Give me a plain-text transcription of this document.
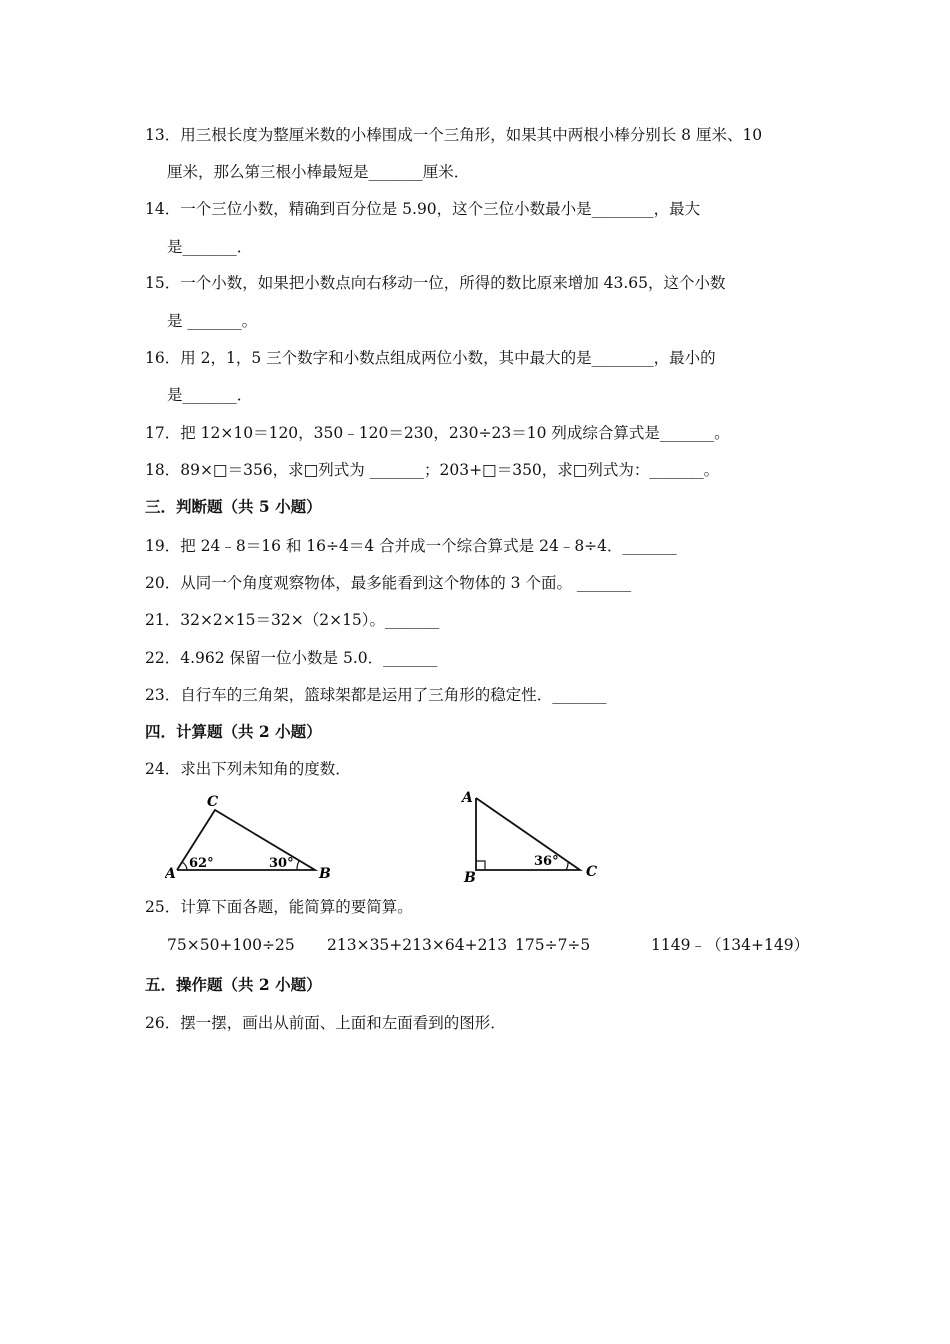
13．用三根长度为整厘米数的小棒围成一个三角形，如果其中两根小棒分别长 8 厘米、10
厘米，那么第三根小棒最短是_______厘米．
14．一个三位小数，精确到百分位是 5.90，这个三位小数最小是________，最大
是_______．
15．一个小数，如果把小数点向右移动一位，所得的数比原来增加 43.65，这个小数
是 _______。
16．用 2，1，5 三个数字和小数点组成两位小数，其中最大的是________，最小的
是_______．
17．把 12×10＝120，350﹣120＝230，230÷23＝10 列成综合算式是_______。
18．89×□＝356，求□列式为 _______；203+□＝350，求□列式为：_______。
三．判断题（共 5 小题）
19．把 24﹣8＝16 和 16÷4＝4 合并成一个综合算式是 24﹣8÷4．_______
20．从同一个角度观察物体，最多能看到这个物体的 3 个面。 _______
21．32×2×15＝32×（2×15）。_______
22．4.962 保留一位小数是 5.0．_______
23．自行车的三角架，篮球架都是运用了三角形的稳定性．_______
四．计算题（共 2 小题）
24．求出下列未知角的度数．
C
A	B
62°	30°
A
B	C
36°
25．计算下面各题，能简算的要简算。
75×50+100÷25 213×35+213×64+213 175÷7÷5	1149﹣（134+149）
五．操作题（共 2 小题）
26．摆一摆，画出从前面、上面和左面看到的图形．
